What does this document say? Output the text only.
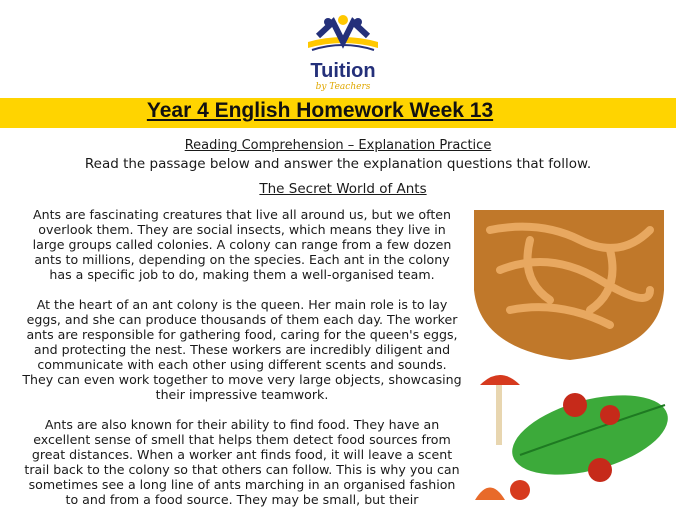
Tuition
by Teachers
Year 4 English Homework Week 13
Reading Comprehension – Explanation Practice
Read the passage below and answer the explanation questions that follow.
The Secret World of Ants

Ants are fascinating creatures that live all around us, but we often overlook them. They are social insects, which means they live in large groups called colonies. A colony can range from a few dozen ants to millions, depending on the species. Each ant in the colony has a specific job to do, making them a well-organised team.

At the heart of an ant colony is the queen. Her main role is to lay eggs, and she can produce thousands of them each day. The worker ants are responsible for gathering food, caring for the queen's eggs, and protecting the nest. These workers are incredibly diligent and communicate with each other using different scents and sounds. They can even work together to move very large objects, showcasing their impressive teamwork.

Ants are also known for their ability to find food. They have an excellent sense of smell that helps them detect food sources from great distances. When a worker ant finds food, it will leave a scent trail back to the colony so that others can follow. This is why you can sometimes see a long line of ants marching in an organised fashion to and from a food source. They may be small, but their
